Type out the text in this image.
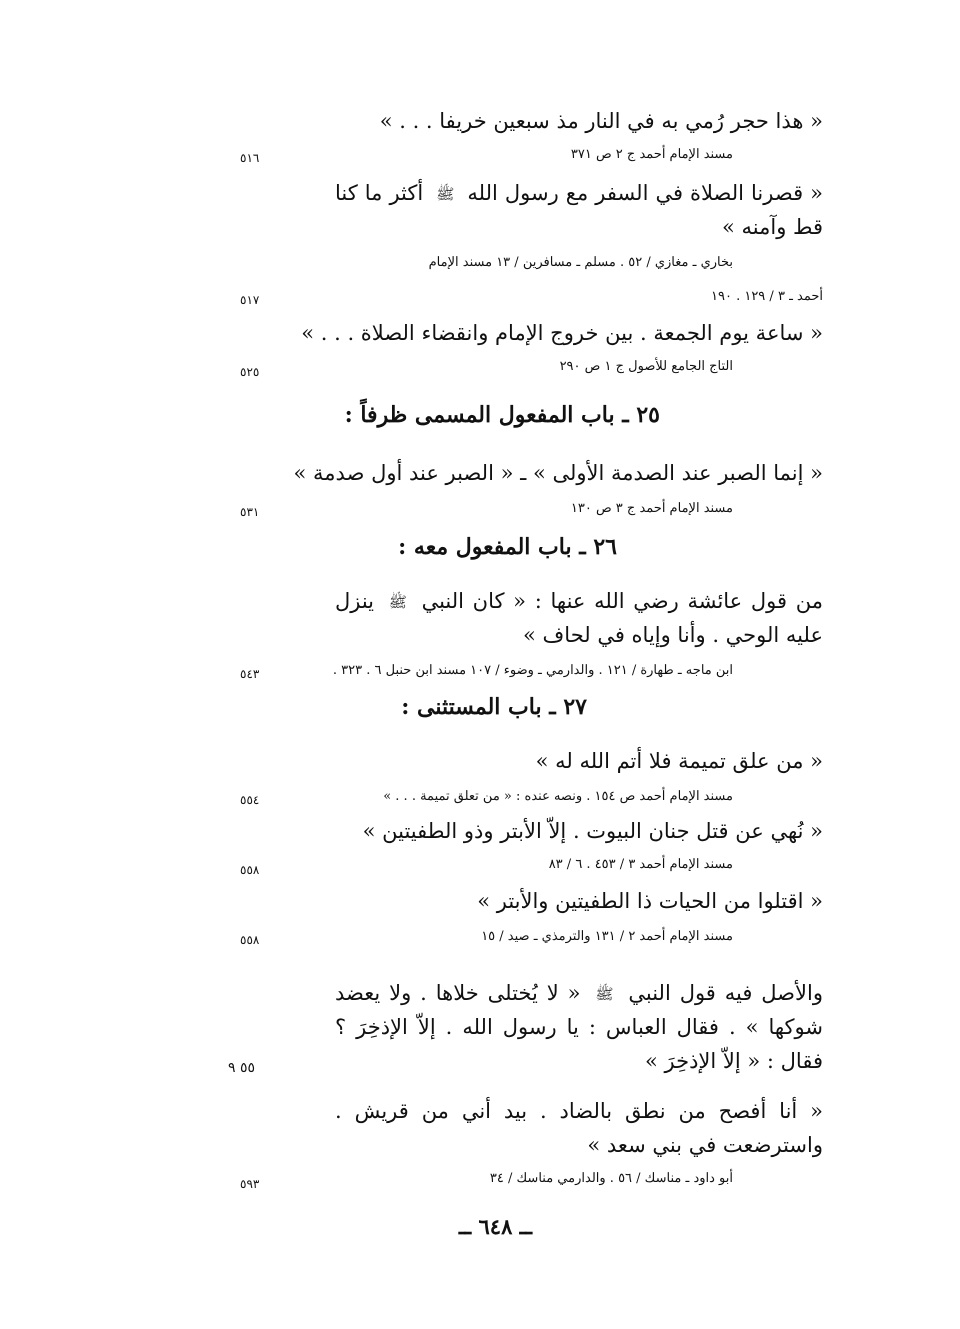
« هذا حجر رُمي به في النار مذ سبعين خريفا . . . »
مسند الإمام أحمد ج ٢ ص ٣٧١
٥١٦
« قصرنا الصلاة في السفر مع رسول الله ﷺ أكثر ما كنا قط وآمنه »
بخاري ـ مغازي / ٥٢ . مسلم ـ مسافرين / ١٣ مسند الإمام
أحمد ـ ٣ / ١٢٩ . ١٩٠
٥١٧
« ساعة يوم الجمعة . بين خروج الإمام وانقضاء الصلاة . . . »
التاج الجامع للأصول ج ١ ص ٢٩٠
٥٢٥
٢٥ ـ باب المفعول المسمى ظرفاً :
« إنما الصبر عند الصدمة الأولى » ـ « الصبر عند أول صدمة »
مسند الإمام أحمد ج ٣ ص ١٣٠
٥٣١
٢٦ ـ باب المفعول معه :
من قول عائشة رضي الله عنها : « كان النبي ﷺ ينزل عليه الوحي . وأنا وإياه في لحاف »
ابن ماجه ـ طهارة / ١٢١ . والدارمي ـ وضوء / ١٠٧ مسند ابن حنبل ٦ . ٣٢٣ .
٥٤٣
٢٧ ـ باب المستثنى :
« من علق تميمة فلا أتم الله له »
مسند الإمام أحمد ص ١٥٤ . ونصه عنده : « من تعلق تميمة . . . »
٥٥٤
« نُهي عن قتل جنان البيوت . إلاّ الأبتر وذو الطفيتين »
مسند الإمام أحمد ٣ / ٤٥٣ . ٦ / ٨٣
٥٥٨
« اقتلوا من الحيات ذا الطفيتين والأبتر »
مسند الإمام أحمد ٢ / ١٣١ والترمذي ـ صيد / ١٥
٥٥٨
والأصل فيه قول النبي ﷺ « لا يُختلى خلاها . ولا يعضد شوكها » . فقال العباس : يا رسول الله . إلاّ الإذخِرَ ؟ فقال : « إلاّ الإذخِرَ »
٥٥ ٩
« أنا أفصح من نطق بالضاد . بيد أني من قريش . واسترضعت في بني سعد »
أبو داود ـ مناسك / ٥٦ . والدارمي مناسك / ٣٤
٥٩٣
ــ ٦٤٨ ــ
